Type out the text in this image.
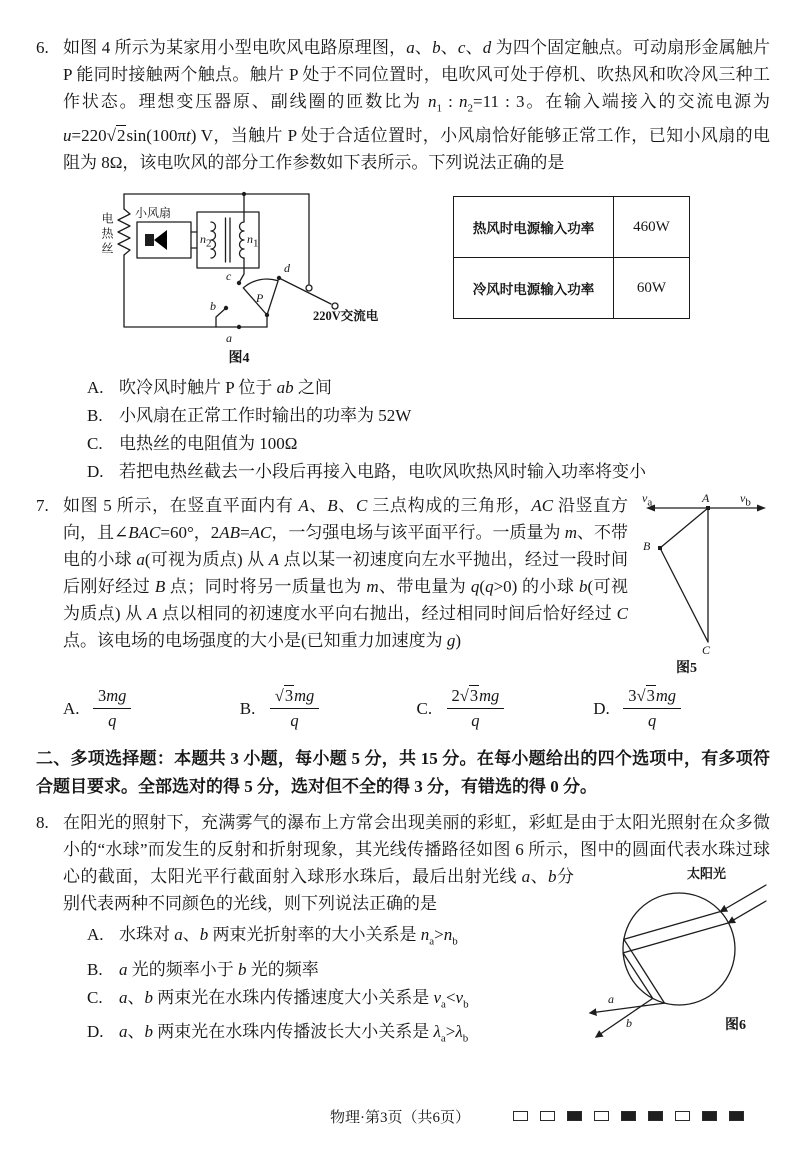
6. 如图 4 所示为某家用小型电吹风电路原理图，a、b、c、d 为四个固定触点。可动扇形金属触片 P 能同时接触两个触点。触片 P 处于不同位置时，电吹风可处于停机、吹热风和吹冷风三种工作状态。理想变压器原、副线圈的匝数比为 $n_1$ : $n_2=11$ : 3。在输入端接入的交流电源为 u=220√2sin(100πt) V，当触片 P 处于合适位置时，小风扇恰好能够正常工作，已知小风扇的电阻为 8Ω，该电吹风的部分工作参数如下表所示。下列说法正确的是
电热丝 小风扇
$n_2$	$n_1$
c
d
P
b
a
220V交流电
图4
热风时电源输入功率	460W
冷风时电源输入功率	60W
A. 吹冷风时触片 P 位于 ab 之间
B. 小风扇在正常工作时输出的功率为 52W
C. 电热丝的电阻值为 100Ω
D. 若把电热丝截去一小段后再接入电路，电吹风吹热风时输入功率将变小
7.	$v_a$	A	$v_b$
B
C
图5
如图 5 所示，在竖直平面内有 A、B、C 三点构成的三角形，AC 沿竖直方向，且∠BAC=60°，2AB=AC，一匀强电场与该平面平行。一质量为 m、不带电的小球 a(可视为质点) 从 A 点以某一初速度向左水平抛出，经过一段时间后刚好经过 B 点；同时将另一质量也为 m、带电量为 q(q>0) 的小球 b(可视为质点) 从 A 点以相同的初速度水平向右抛出，经过相同时间后恰好经过 C 点。该电场的电场强度的大小是(已知重力加速度为 g)
A. $\frac{3mg}{q}$	B. $\frac{√3mg}{q}$	C. $\frac{2√3mg}{q}$	D. $\frac{3√3mg}{q}$
二、多项选择题：本题共 3 小题，每小题 5 分，共 15 分。在每小题给出的四个选项中，有多项符合题目要求。全部选对的得 5 分，选对但不全的得 3 分，有错选的得 0 分。
8. 在阳光的照射下，充满雾气的瀑布上方常会出现美丽的彩虹，彩虹是由于太阳光照射在众多微小的“水球”而发生的反射和折射现象，其光线传播路径如图 6 所示，图中的圆面代表水珠过球心的截面，太阳光平行截面射入球形水珠后，最后出射光线 a、b	太阳光
a
b	图6
分别代表两种不同颜色的光线，则下列说法正确的是
A. 水珠对 a、b 两束光折射率的大小关系是 $n_a>n_b$
B. a 光的频率小于 b 光的频率
C. a、b 两束光在水珠内传播速度大小关系是 $v_a<v_b$
D. a、b 两束光在水珠内传播波长大小关系是 $\lambda_a>\lambda_b$
物理·第3页（共6页）
